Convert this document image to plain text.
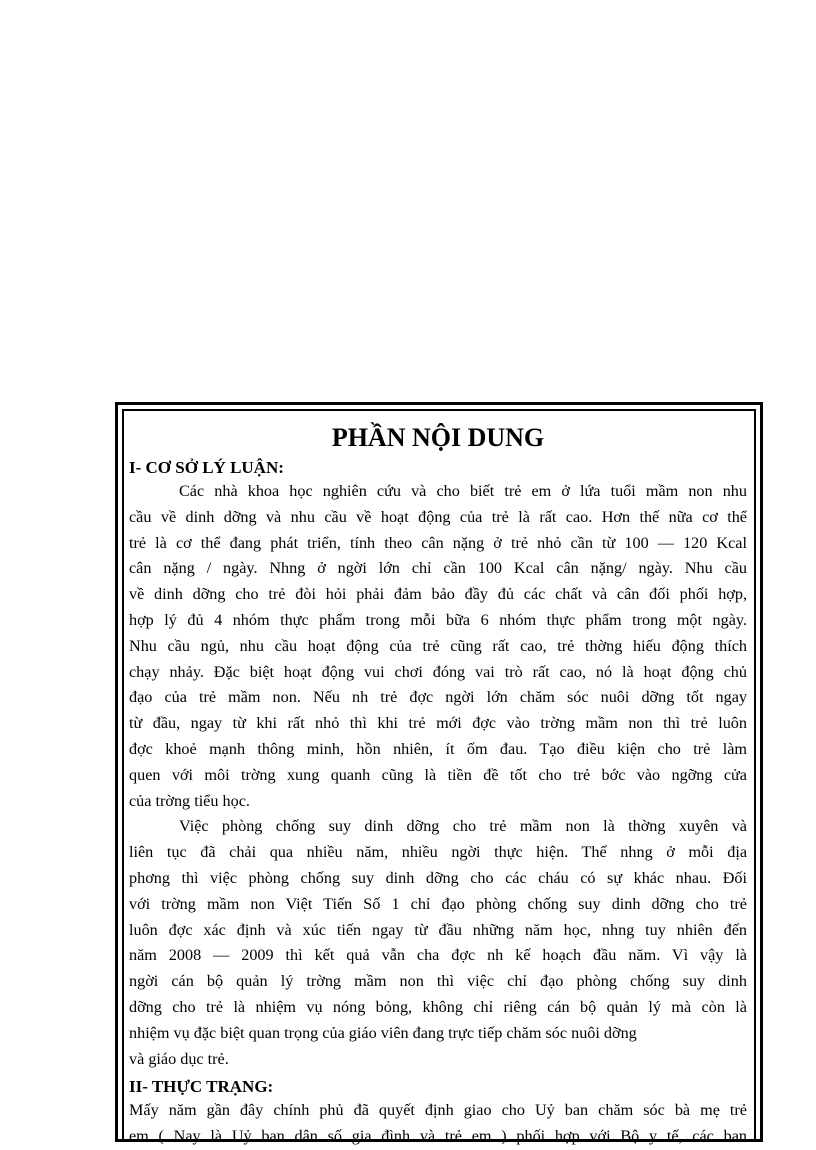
PHẦN NỘI DUNG

I- CƠ SỞ LÝ LUẬN:

Các nhà khoa học nghiên cứu và cho biết trẻ em ở lứa tuổi mầm non nhu
cầu về dinh dỡng và nhu cầu về hoạt động của trẻ là rất cao. Hơn thế nữa cơ thể
trẻ là cơ thể đang phát triển, tính theo cân nặng ở trẻ nhỏ cần từ 100 — 120 Kcal
cân nặng / ngày. Nhng ở ngời lớn chỉ cần 100 Kcal cân nặng/ ngày. Nhu cầu
về dinh dỡng cho trẻ đòi hỏi phải đảm bảo đầy đủ các chất và cân đối phối hợp,
hợp lý đủ 4 nhóm thực phẩm trong mỗi bữa 6 nhóm thực phẩm trong một ngày.
Nhu cầu ngủ, nhu cầu hoạt động của trẻ cũng rất cao, trẻ thờng hiếu động thích
chạy nhảy. Đặc biệt hoạt động vui chơi đóng vai trò rất cao, nó là hoạt động chủ
đạo của trẻ mầm non. Nếu nh trẻ đợc ngời lớn chăm sóc nuôi dỡng tốt ngay
từ đầu, ngay từ khi rất nhỏ thì khi trẻ mới đợc vào trờng mầm non thì trẻ luôn
đợc khoẻ mạnh thông minh, hồn nhiên, ít ốm đau. Tạo điều kiện cho trẻ làm
quen với môi trờng xung quanh cũng là tiền đề tốt cho trẻ bớc vào ngỡng cửa
của trờng tiểu học.
Việc phòng chống suy dinh dỡng cho trẻ mầm non là thờng xuyên và
liên tục đã chải qua nhiều năm, nhiều ngời thực hiện. Thế nhng ở mỗi địa
phơng thì việc phòng chống suy dinh dỡng cho các cháu có sự khác nhau. Đối
với trờng mầm non Việt Tiến Số 1 chỉ đạo phòng chống suy dinh dỡng cho trẻ
luôn đợc xác định và xúc tiến ngay từ đầu những năm học, nhng tuy nhiên đến
năm 2008 — 2009 thì kết quả vẫn cha đợc nh kế hoạch đầu năm. Vì vậy là
ngời cán bộ quản lý trờng mầm non thì việc chỉ đạo phòng chống suy dinh
dỡng cho trẻ là nhiệm vụ nóng bỏng, không chỉ riêng cán bộ quản lý mà còn là
nhiệm vụ đặc biệt quan trọng của giáo viên đang trực tiếp chăm sóc nuôi dỡng
và giáo dục trẻ.

II- THỰC TRẠNG:

Mấy năm gần đây chính phủ đã quyết định giao cho Uỷ ban chăm sóc bà mẹ trẻ
em ( Nay là Uỷ ban dân số gia đình và trẻ em ) phối hợp với Bộ y tế, các ban
